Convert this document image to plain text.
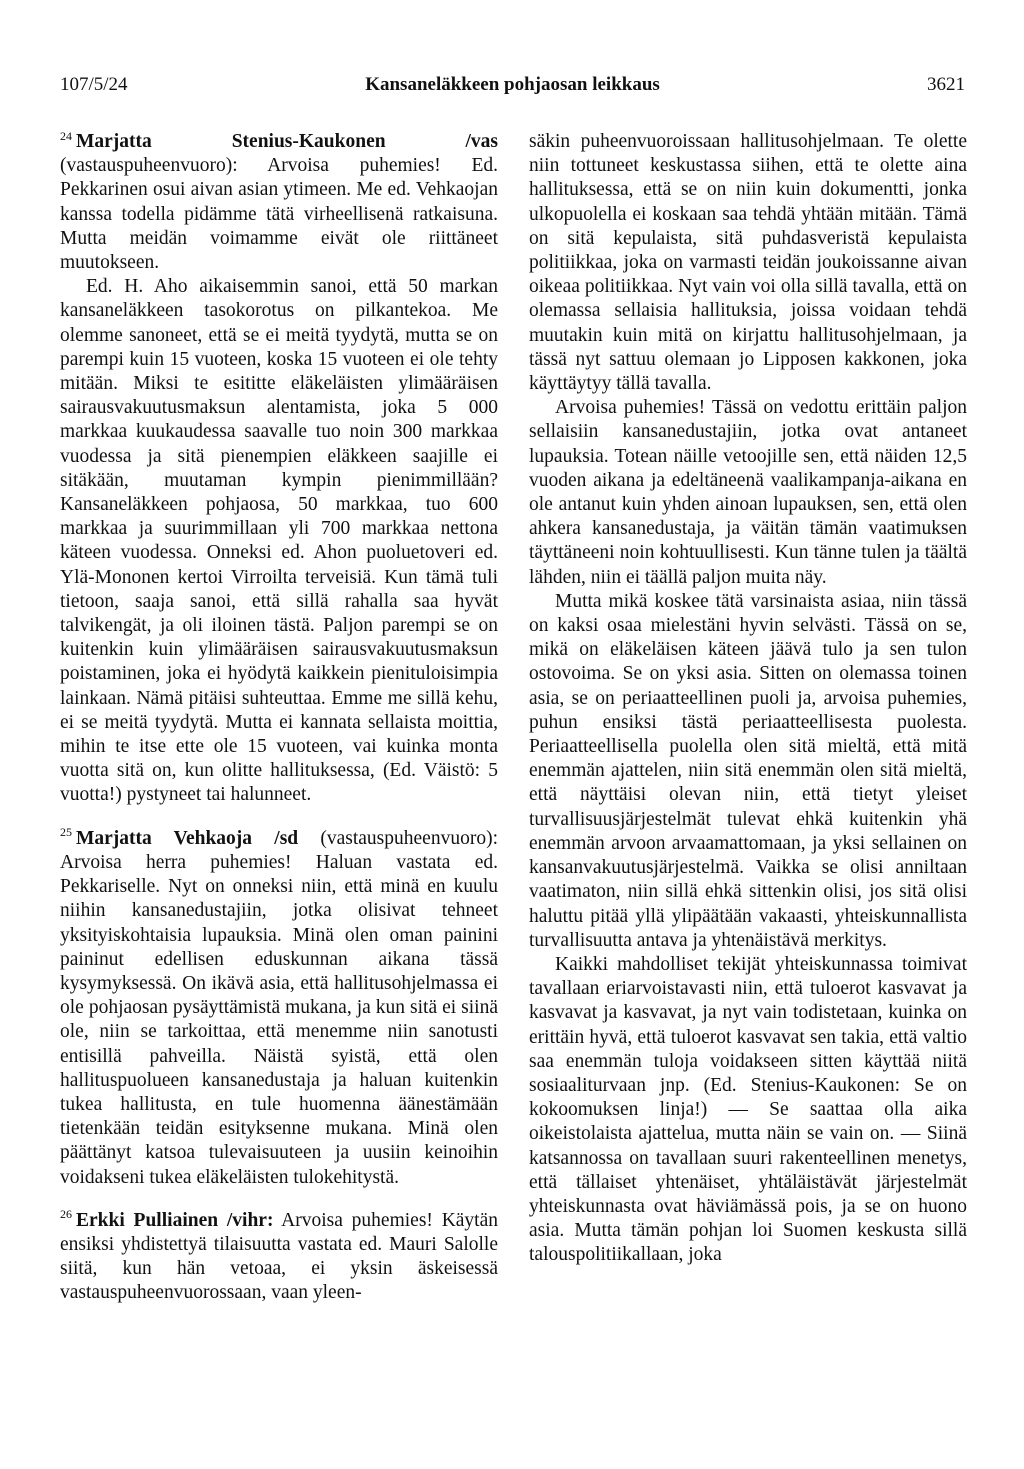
107/5/24	Kansaneläkkeen pohjaosan leikkaus	3621

$^{24}$ Marjatta Stenius-Kaukonen /vas (vastauspuheenvuoro): Arvoisa puhemies! Ed. Pekkarinen osui aivan asian ytimeen. Me ed. Vehkaojan kanssa todella pidämme tätä virheellisenä ratkaisuna. Mutta meidän voimamme eivät ole riittäneet muutokseen.

Ed. H. Aho aikaisemmin sanoi, että 50 markan kansaneläkkeen tasokorotus on pilkantekoa. Me olemme sanoneet, että se ei meitä tyydytä, mutta se on parempi kuin 15 vuoteen, koska 15 vuoteen ei ole tehty mitään. Miksi te esititte eläkeläisten ylimääräisen sairausvakuutusmaksun alentamista, joka 5 000 markkaa kuukaudessa saavalle tuo noin 300 markkaa vuodessa ja sitä pienempien eläkkeen saajille ei sitäkään, muutaman kympin pienimmillään? Kansaneläkkeen pohjaosa, 50 markkaa, tuo 600 markkaa ja suurimmillaan yli 700 markkaa nettona käteen vuodessa. Onneksi ed. Ahon puoluetoveri ed. Ylä-Mononen kertoi Virroilta terveisiä. Kun tämä tuli tietoon, saaja sanoi, että sillä rahalla saa hyvät talvikengät, ja oli iloinen tästä. Paljon parempi se on kuitenkin kuin ylimääräisen sairausvakuutusmaksun poistaminen, joka ei hyödytä kaikkein pienituloisimpia lainkaan. Nämä pitäisi suhteuttaa. Emme me sillä kehu, ei se meitä tyydytä. Mutta ei kannata sellaista moittia, mihin te itse ette ole 15 vuoteen, vai kuinka monta vuotta sitä on, kun olitte hallituksessa, (Ed. Väistö: 5 vuotta!) pystyneet tai halunneet.

$^{25}$ Marjatta Vehkaoja /sd (vastauspuheenvuoro): Arvoisa herra puhemies! Haluan vastata ed. Pekkariselle. Nyt on onneksi niin, että minä en kuulu niihin kansanedustajiin, jotka olisivat tehneet yksityiskohtaisia lupauksia. Minä olen oman painini paininut edellisen eduskunnan aikana tässä kysymyksessä. On ikävä asia, että hallitusohjelmassa ei ole pohjaosan pysäyttämistä mukana, ja kun sitä ei siinä ole, niin se tarkoittaa, että menemme niin sanotusti entisillä pahveilla. Näistä syistä, että olen hallituspuolueen kansanedustaja ja haluan kuitenkin tukea hallitusta, en tule huomenna äänestämään tietenkään teidän esityksenne mukana. Minä olen päättänyt katsoa tulevaisuuteen ja uusiin keinoihin voidakseni tukea eläkeläisten tulokehitystä.

$^{26}$ Erkki Pulliainen /vihr: Arvoisa puhemies! Käytän ensiksi yhdistettyä tilaisuutta vastata ed. Mauri Salolle siitä, kun hän vetoaa, ei yksin äskeisessä vastauspuheenvuorossaan, vaan yleen-

säkin puheenvuoroissaan hallitusohjelmaan. Te olette niin tottuneet keskustassa siihen, että te olette aina hallituksessa, että se on niin kuin dokumentti, jonka ulkopuolella ei koskaan saa tehdä yhtään mitään. Tämä on sitä kepulaista, sitä puhdasveristä kepulaista politiikkaa, joka on varmasti teidän joukoissanne aivan oikeaa politiikkaa. Nyt vain voi olla sillä tavalla, että on olemassa sellaisia hallituksia, joissa voidaan tehdä muutakin kuin mitä on kirjattu hallitusohjelmaan, ja tässä nyt sattuu olemaan jo Lipposen kakkonen, joka käyttäytyy tällä tavalla.

Arvoisa puhemies! Tässä on vedottu erittäin paljon sellaisiin kansanedustajiin, jotka ovat antaneet lupauksia. Totean näille vetoojille sen, että näiden 12,5 vuoden aikana ja edeltäneenä vaalikampanja-aikana en ole antanut kuin yhden ainoan lupauksen, sen, että olen ahkera kansanedustaja, ja väitän tämän vaatimuksen täyttäneeni noin kohtuullisesti. Kun tänne tulen ja täältä lähden, niin ei täällä paljon muita näy.

Mutta mikä koskee tätä varsinaista asiaa, niin tässä on kaksi osaa mielestäni hyvin selvästi. Tässä on se, mikä on eläkeläisen käteen jäävä tulo ja sen tulon ostovoima. Se on yksi asia. Sitten on olemassa toinen asia, se on periaatteellinen puoli ja, arvoisa puhemies, puhun ensiksi tästä periaatteellisesta puolesta. Periaatteellisella puolella olen sitä mieltä, että mitä enemmän ajattelen, niin sitä enemmän olen sitä mieltä, että näyttäisi olevan niin, että tietyt yleiset turvallisuusjärjestelmät tulevat ehkä kuitenkin yhä enemmän arvoon arvaamattomaan, ja yksi sellainen on kansanvakuutusjärjestelmä. Vaikka se olisi anniltaan vaatimaton, niin sillä ehkä sittenkin olisi, jos sitä olisi haluttu pitää yllä ylipäätään vakaasti, yhteiskunnallista turvallisuutta antava ja yhtenäistävä merkitys.

Kaikki mahdolliset tekijät yhteiskunnassa toimivat tavallaan eriarvoistavasti niin, että tuloerot kasvavat ja kasvavat ja kasvavat, ja nyt vain todistetaan, kuinka on erittäin hyvä, että tuloerot kasvavat sen takia, että valtio saa enemmän tuloja voidakseen sitten käyttää niitä sosiaaliturvaan jnp. (Ed. Stenius-Kaukonen: Se on kokoomuksen linja!) — Se saattaa olla aika oikeistolaista ajattelua, mutta näin se vain on. — Siinä katsannossa on tavallaan suuri rakenteellinen menetys, että tällaiset yhtenäiset, yhtäläistävät järjestelmät yhteiskunnasta ovat häviämässä pois, ja se on huono asia. Mutta tämän pohjan loi Suomen keskusta sillä talouspolitiikallaan, joka
